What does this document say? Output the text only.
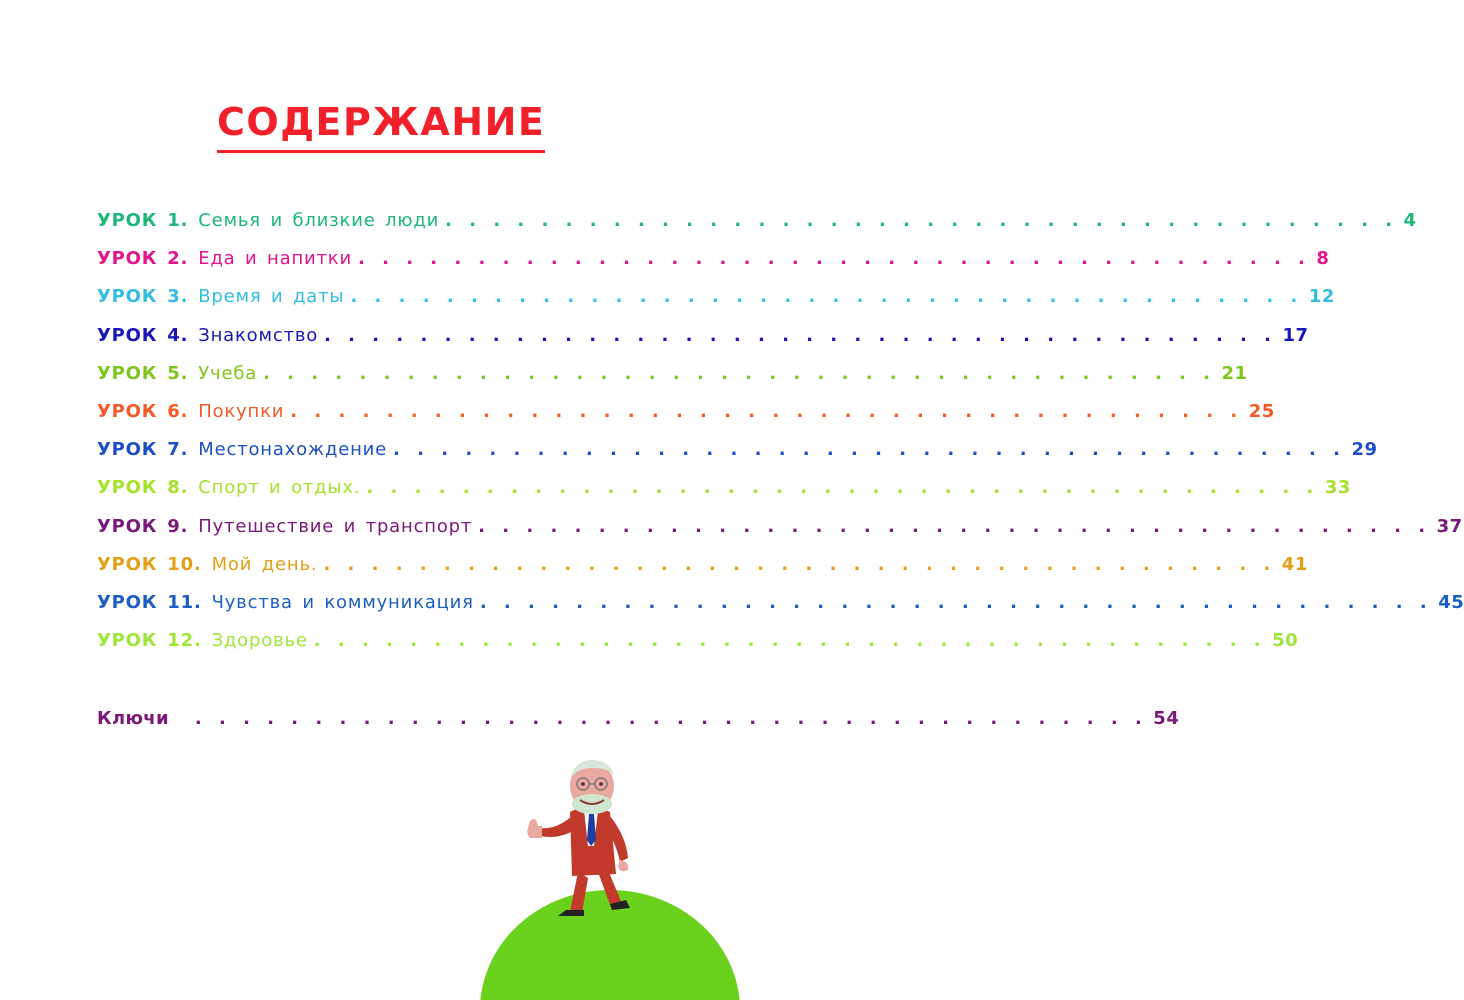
СОДЕРЖАНИЕ
УРОК 1. Семья и близкие люди . . . . . . . . . . . . . . . . . . . . . . . . . . . . . . . . . . . . . . . . 4
УРОК 2. Еда и напитки . . . . . . . . . . . . . . . . . . . . . . . . . . . . . . . . . . . . . . . . 8
УРОК 3. Время и даты . . . . . . . . . . . . . . . . . . . . . . . . . . . . . . . . . . . . . . . . 12
УРОК 4. Знакомство . . . . . . . . . . . . . . . . . . . . . . . . . . . . . . . . . . . . . . . . 17
УРОК 5. Учеба . . . . . . . . . . . . . . . . . . . . . . . . . . . . . . . . . . . . . . . . 21
УРОК 6. Покупки . . . . . . . . . . . . . . . . . . . . . . . . . . . . . . . . . . . . . . . . 25
УРОК 7. Местонахождение . . . . . . . . . . . . . . . . . . . . . . . . . . . . . . . . . . . . . . . . 29
УРОК 8. Спорт и отдых. . . . . . . . . . . . . . . . . . . . . . . . . . . . . . . . . . . . . . . . . 33
УРОК 9. Путешествие и транспорт . . . . . . . . . . . . . . . . . . . . . . . . . . . . . . . . . . . . . . . . 37
УРОК 10. Мой день. . . . . . . . . . . . . . . . . . . . . . . . . . . . . . . . . . . . . . . . . 41
УРОК 11. Чувства и коммуникация . . . . . . . . . . . . . . . . . . . . . . . . . . . . . . . . . . . . . . . . 45
УРОК 12. Здоровье . . . . . . . . . . . . . . . . . . . . . . . . . . . . . . . . . . . . . . . . 50
Ключи . . . . . . . . . . . . . . . . . . . . . . . . . . . . . . . . . . . . . . . . 54
